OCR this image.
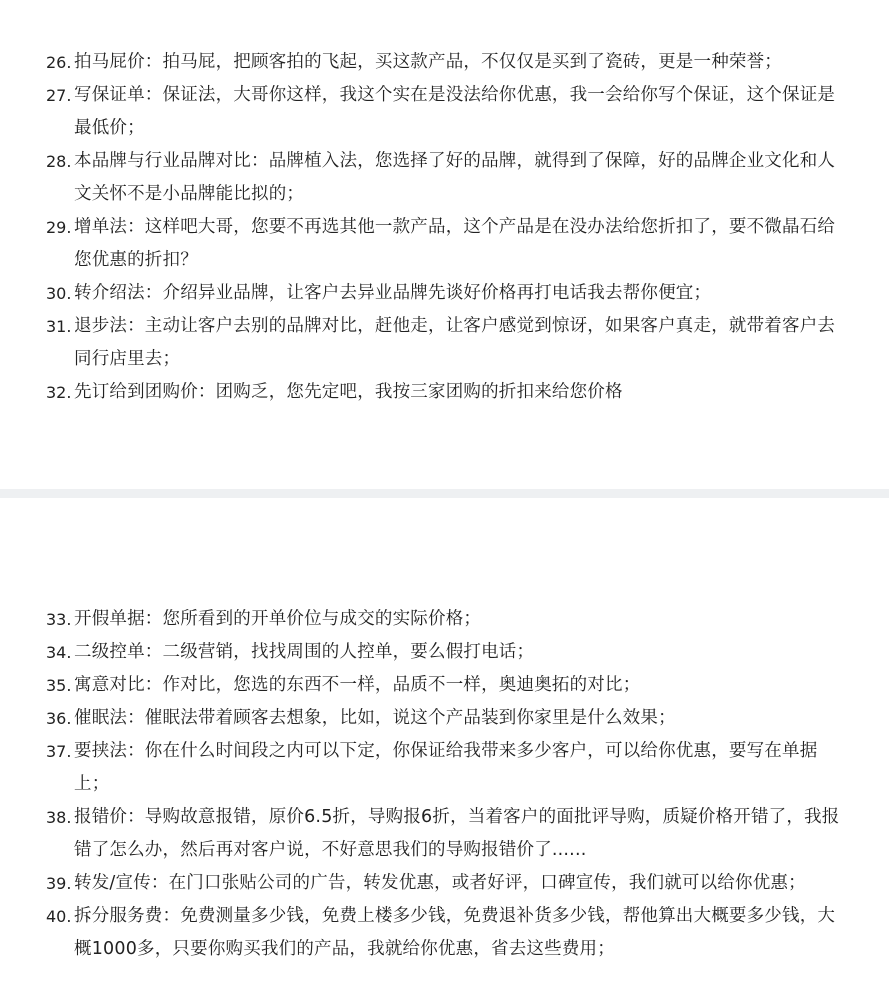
26. 拍马屁价：拍马屁，把顾客拍的飞起，买这款产品，不仅仅是买到了瓷砖，更是一种荣誉；
27. 写保证单：保证法，大哥你这样，我这个实在是没法给你优惠，我一会给你写个保证，这个保证是最低价；
28. 本品牌与行业品牌对比：品牌植入法，您选择了好的品牌，就得到了保障，好的品牌企业文化和人文关怀不是小品牌能比拟的；
29. 增单法：这样吧大哥，您要不再选其他一款产品，这个产品是在没办法给您折扣了，要不微晶石给您优惠的折扣？
30. 转介绍法：介绍异业品牌，让客户去异业品牌先谈好价格再打电话我去帮你便宜；
31. 退步法：主动让客户去别的品牌对比，赶他走，让客户感觉到惊讶，如果客户真走，就带着客户去同行店里去；
32. 先订给到团购价：团购乏，您先定吧，我按三家团购的折扣来给您价格
33. 开假单据：您所看到的开单价位与成交的实际价格；
34. 二级控单：二级营销，找找周围的人控单，要么假打电话；
35. 寓意对比：作对比，您选的东西不一样，品质不一样，奥迪奥拓的对比；
36. 催眠法：催眠法带着顾客去想象，比如，说这个产品装到你家里是什么效果；
37. 要挟法：你在什么时间段之内可以下定，你保证给我带来多少客户，可以给你优惠，要写在单据上；
38. 报错价：导购故意报错，原价6.5折，导购报6折，当着客户的面批评导购，质疑价格开错了，我报错了怎么办，然后再对客户说，不好意思我们的导购报错价了......
39. 转发/宣传：在门口张贴公司的广告，转发优惠，或者好评，口碑宣传，我们就可以给你优惠；
40. 拆分服务费：免费测量多少钱，免费上楼多少钱，免费退补货多少钱，帮他算出大概要多少钱，大概1000多，只要你购买我们的产品，我就给你优惠，省去这些费用；
